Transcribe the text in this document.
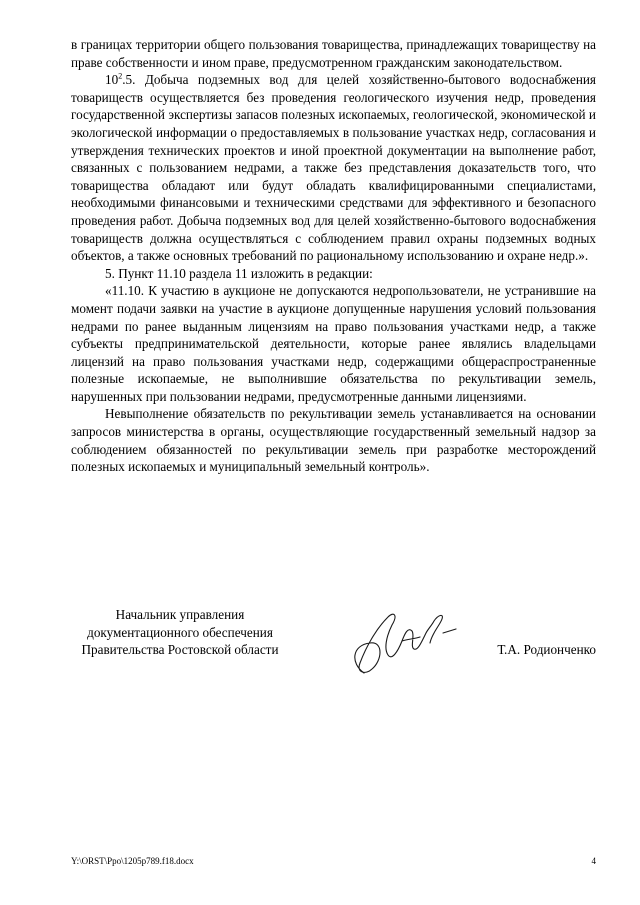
в границах территории общего пользования товарищества, принадлежащих товариществу на праве собственности и ином праве, предусмотренном гражданским законодательством.

$10^2.5$. Добыча подземных вод для целей хозяйственно-бытового водоснабжения товариществ осуществляется без проведения геологического изучения недр, проведения государственной экспертизы запасов полезных ископаемых, геологической, экономической и экологической информации о предоставляемых в пользование участках недр, согласования и утверждения технических проектов и иной проектной документации на выполнение работ, связанных с пользованием недрами, а также без представления доказательств того, что товарищества обладают или будут обладать квалифицированными специалистами, необходимыми финансовыми и техническими средствами для эффективного и безопасного проведения работ. Добыча подземных вод для целей хозяйственно-бытового водоснабжения товариществ должна осуществляться с соблюдением правил охраны подземных водных объектов, а также основных требований по рациональному использованию и охране недр.».

5. Пункт 11.10 раздела 11 изложить в редакции:

«11.10. К участию в аукционе не допускаются недропользователи, не устранившие на момент подачи заявки на участие в аукционе допущенные нарушения условий пользования недрами по ранее выданным лицензиям на право пользования участками недр, а также субъекты предпринимательской деятельности, которые ранее являлись владельцами лицензий на право пользования участками недр, содержащими общераспространенные полезные ископаемые, не выполнившие обязательства по рекультивации земель, нарушенных при пользовании недрами, предусмотренные данными лицензиями.

Невыполнение обязательств по рекультивации земель устанавливается на основании запросов министерства в органы, осуществляющие государственный земельный надзор за соблюдением обязанностей по рекультивации земель при разработке месторождений полезных ископаемых и муниципальный земельный контроль».

Начальник управления
документационного обеспечения
Правительства Ростовской области	Т.А. Родионченко
Y:\ORST\Ppo\1205p789.f18.docx	4
